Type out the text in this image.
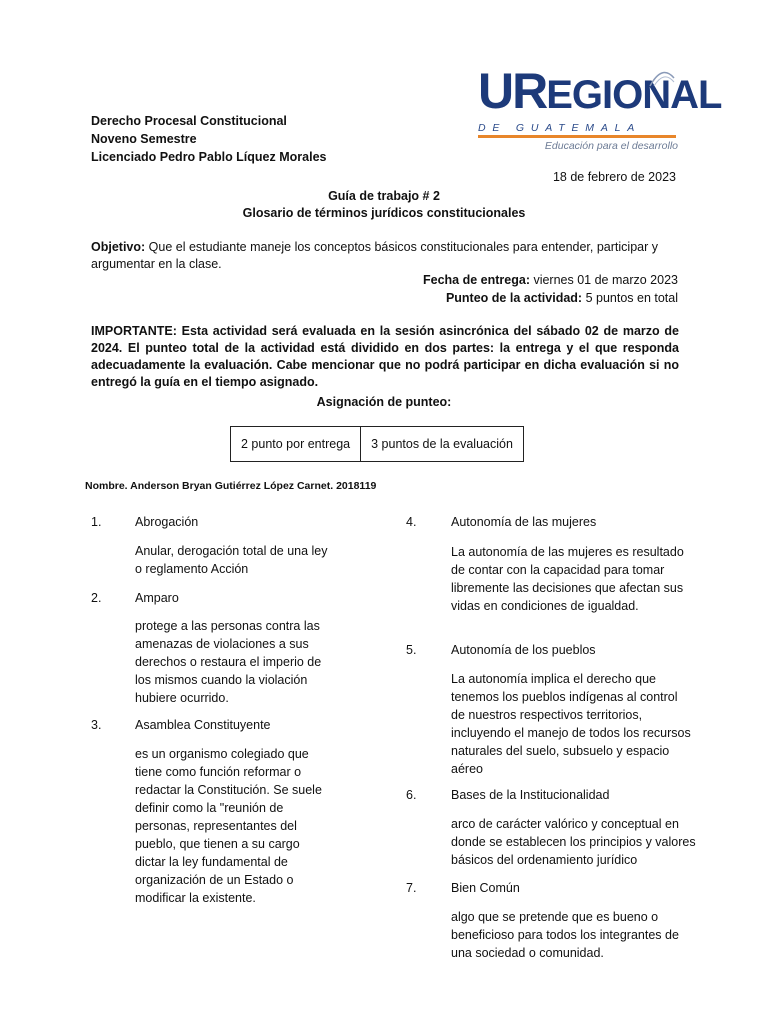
Derecho Procesal Constitucional
Noveno Semestre
Licenciado Pedro Pablo Líquez Morales
UREGIONAL
DE GUATEMALA
Educación para el desarrollo
18 de febrero de 2023
Guía de trabajo # 2
Glosario de términos jurídicos constitucionales
Objetivo: Que el estudiante maneje los conceptos básicos constitucionales para entender, participar y argumentar en la clase.
Fecha de entrega: viernes 01 de marzo 2023
Punteo de la actividad: 5 puntos en total
IMPORTANTE: Esta actividad será evaluada en la sesión asincrónica del sábado 02 de marzo de 2024. El punteo total de la actividad está dividido en dos partes: la entrega y el que responda adecuadamente la evaluación. Cabe mencionar que no podrá participar en dicha evaluación si no entregó la guía en el tiempo asignado.
Asignación de punteo:
2 punto por entrega	3 puntos de la evaluación
Nombre. Anderson Bryan Gutiérrez López Carnet. 2018119
1.	Abrogación
Anular, derogación total de una ley o reglamento Acción
2.	Amparo
protege a las personas contra las amenazas de violaciones a sus derechos o restaura el imperio de los mismos cuando la violación hubiere ocurrido.
3.	Asamblea Constituyente
es un organismo colegiado que tiene como función reformar o redactar la Constitución. Se suele definir como la "reunión de personas, representantes del pueblo, que tienen a su cargo dictar la ley fundamental de organización de un Estado o modificar la existente.
4.	Autonomía de las mujeres
La autonomía de las mujeres es resultado de contar con la capacidad para tomar libremente las decisiones que afectan sus vidas en condiciones de igualdad.
5.	Autonomía de los pueblos
La autonomía implica el derecho que tenemos los pueblos indígenas al control de nuestros respectivos territorios, incluyendo el manejo de todos los recursos naturales del suelo, subsuelo y espacio aéreo
6.	Bases de la Institucionalidad
arco de carácter valórico y conceptual en donde se establecen los principios y valores básicos del ordenamiento jurídico
7.	Bien Común
algo que se pretende que es bueno o beneficioso para todos los integrantes de una sociedad o comunidad.
